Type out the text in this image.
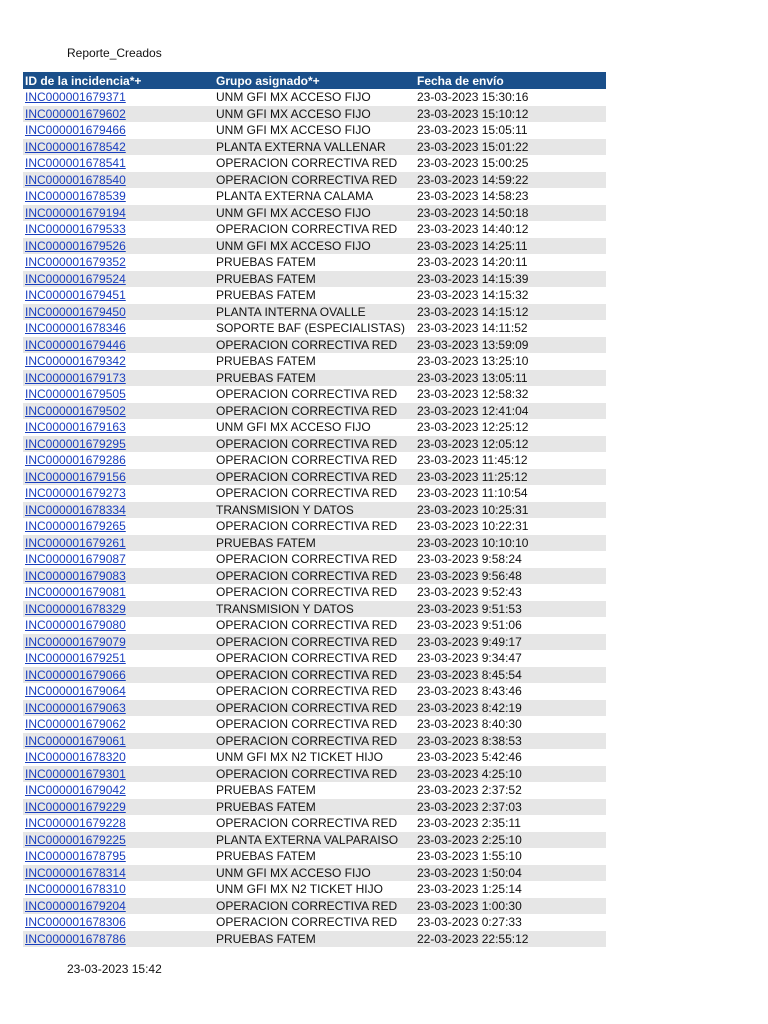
Reporte_Creados
ID de la incidencia*+	Grupo asignado*+	Fecha de envío
INC000001679371	UNM GFI MX ACCESO FIJO	23-03-2023 15:30:16
INC000001679602	UNM GFI MX ACCESO FIJO	23-03-2023 15:10:12
INC000001679466	UNM GFI MX ACCESO FIJO	23-03-2023 15:05:11
INC000001678542	PLANTA EXTERNA VALLENAR	23-03-2023 15:01:22
INC000001678541	OPERACION CORRECTIVA RED	23-03-2023 15:00:25
INC000001678540	OPERACION CORRECTIVA RED	23-03-2023 14:59:22
INC000001678539	PLANTA EXTERNA CALAMA	23-03-2023 14:58:23
INC000001679194	UNM GFI MX ACCESO FIJO	23-03-2023 14:50:18
INC000001679533	OPERACION CORRECTIVA RED	23-03-2023 14:40:12
INC000001679526	UNM GFI MX ACCESO FIJO	23-03-2023 14:25:11
INC000001679352	PRUEBAS FATEM	23-03-2023 14:20:11
INC000001679524	PRUEBAS FATEM	23-03-2023 14:15:39
INC000001679451	PRUEBAS FATEM	23-03-2023 14:15:32
INC000001679450	PLANTA INTERNA OVALLE	23-03-2023 14:15:12
INC000001678346	SOPORTE BAF (ESPECIALISTAS)	23-03-2023 14:11:52
INC000001679446	OPERACION CORRECTIVA RED	23-03-2023 13:59:09
INC000001679342	PRUEBAS FATEM	23-03-2023 13:25:10
INC000001679173	PRUEBAS FATEM	23-03-2023 13:05:11
INC000001679505	OPERACION CORRECTIVA RED	23-03-2023 12:58:32
INC000001679502	OPERACION CORRECTIVA RED	23-03-2023 12:41:04
INC000001679163	UNM GFI MX ACCESO FIJO	23-03-2023 12:25:12
INC000001679295	OPERACION CORRECTIVA RED	23-03-2023 12:05:12
INC000001679286	OPERACION CORRECTIVA RED	23-03-2023 11:45:12
INC000001679156	OPERACION CORRECTIVA RED	23-03-2023 11:25:12
INC000001679273	OPERACION CORRECTIVA RED	23-03-2023 11:10:54
INC000001678334	TRANSMISION Y DATOS	23-03-2023 10:25:31
INC000001679265	OPERACION CORRECTIVA RED	23-03-2023 10:22:31
INC000001679261	PRUEBAS FATEM	23-03-2023 10:10:10
INC000001679087	OPERACION CORRECTIVA RED	23-03-2023 9:58:24
INC000001679083	OPERACION CORRECTIVA RED	23-03-2023 9:56:48
INC000001679081	OPERACION CORRECTIVA RED	23-03-2023 9:52:43
INC000001678329	TRANSMISION Y DATOS	23-03-2023 9:51:53
INC000001679080	OPERACION CORRECTIVA RED	23-03-2023 9:51:06
INC000001679079	OPERACION CORRECTIVA RED	23-03-2023 9:49:17
INC000001679251	OPERACION CORRECTIVA RED	23-03-2023 9:34:47
INC000001679066	OPERACION CORRECTIVA RED	23-03-2023 8:45:54
INC000001679064	OPERACION CORRECTIVA RED	23-03-2023 8:43:46
INC000001679063	OPERACION CORRECTIVA RED	23-03-2023 8:42:19
INC000001679062	OPERACION CORRECTIVA RED	23-03-2023 8:40:30
INC000001679061	OPERACION CORRECTIVA RED	23-03-2023 8:38:53
INC000001678320	UNM GFI MX N2 TICKET HIJO	23-03-2023 5:42:46
INC000001679301	OPERACION CORRECTIVA RED	23-03-2023 4:25:10
INC000001679042	PRUEBAS FATEM	23-03-2023 2:37:52
INC000001679229	PRUEBAS FATEM	23-03-2023 2:37:03
INC000001679228	OPERACION CORRECTIVA RED	23-03-2023 2:35:11
INC000001679225	PLANTA EXTERNA VALPARAISO	23-03-2023 2:25:10
INC000001678795	PRUEBAS FATEM	23-03-2023 1:55:10
INC000001678314	UNM GFI MX ACCESO FIJO	23-03-2023 1:50:04
INC000001678310	UNM GFI MX N2 TICKET HIJO	23-03-2023 1:25:14
INC000001679204	OPERACION CORRECTIVA RED	23-03-2023 1:00:30
INC000001678306	OPERACION CORRECTIVA RED	23-03-2023 0:27:33
INC000001678786	PRUEBAS FATEM	22-03-2023 22:55:12
23-03-2023 15:42
